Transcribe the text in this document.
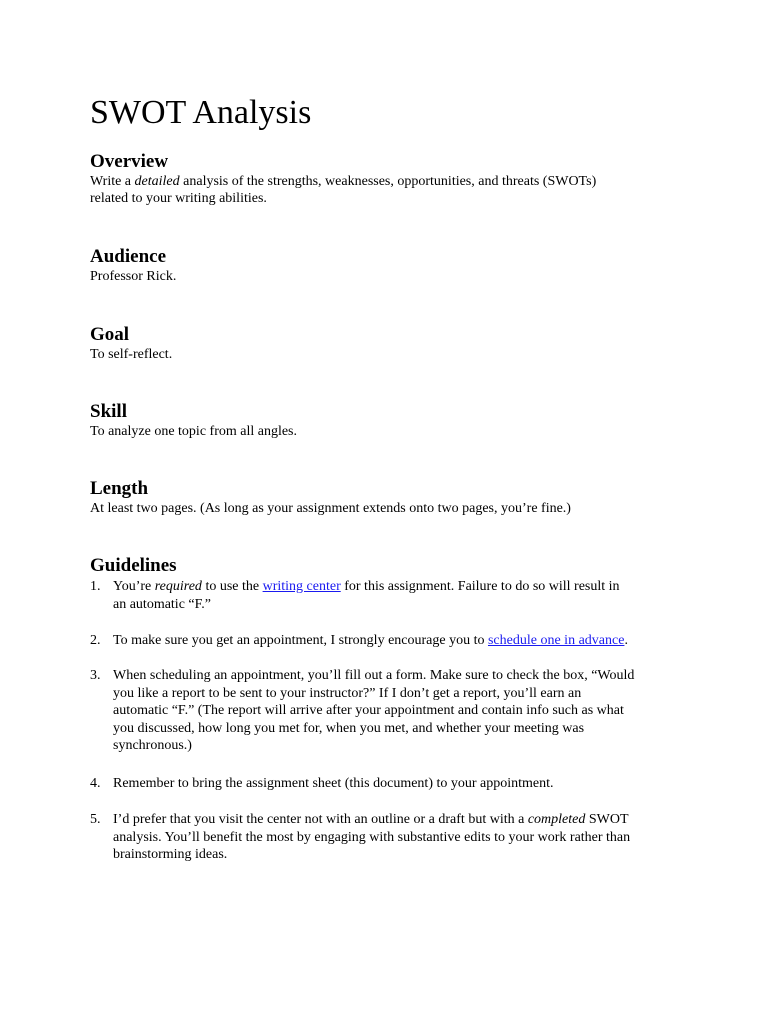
SWOT Analysis
Overview

Write a detailed analysis of the strengths, weaknesses, opportunities, and threats (SWOTs)
related to your writing abilities.

Audience

Professor Rick.

Goal

To self-reflect.

Skill

To analyze one topic from all angles.

Length

At least two pages. (As long as your assignment extends onto two pages, you’re fine.)

Guidelines
1. You’re required to use the writing center for this assignment. Failure to do so will result in
an automatic “F.”
2. To make sure you get an appointment, I strongly encourage you to schedule one in advance.
3. When scheduling an appointment, you’ll fill out a form. Make sure to check the box, “Would
you like a report to be sent to your instructor?” If I don’t get a report, you’ll earn an
automatic “F.” (The report will arrive after your appointment and contain info such as what
you discussed, how long you met for, when you met, and whether your meeting was
synchronous.)
4. Remember to bring the assignment sheet (this document) to your appointment.
5. I’d prefer that you visit the center not with an outline or a draft but with a completed SWOT
analysis. You’ll benefit the most by engaging with substantive edits to your work rather than
brainstorming ideas.
